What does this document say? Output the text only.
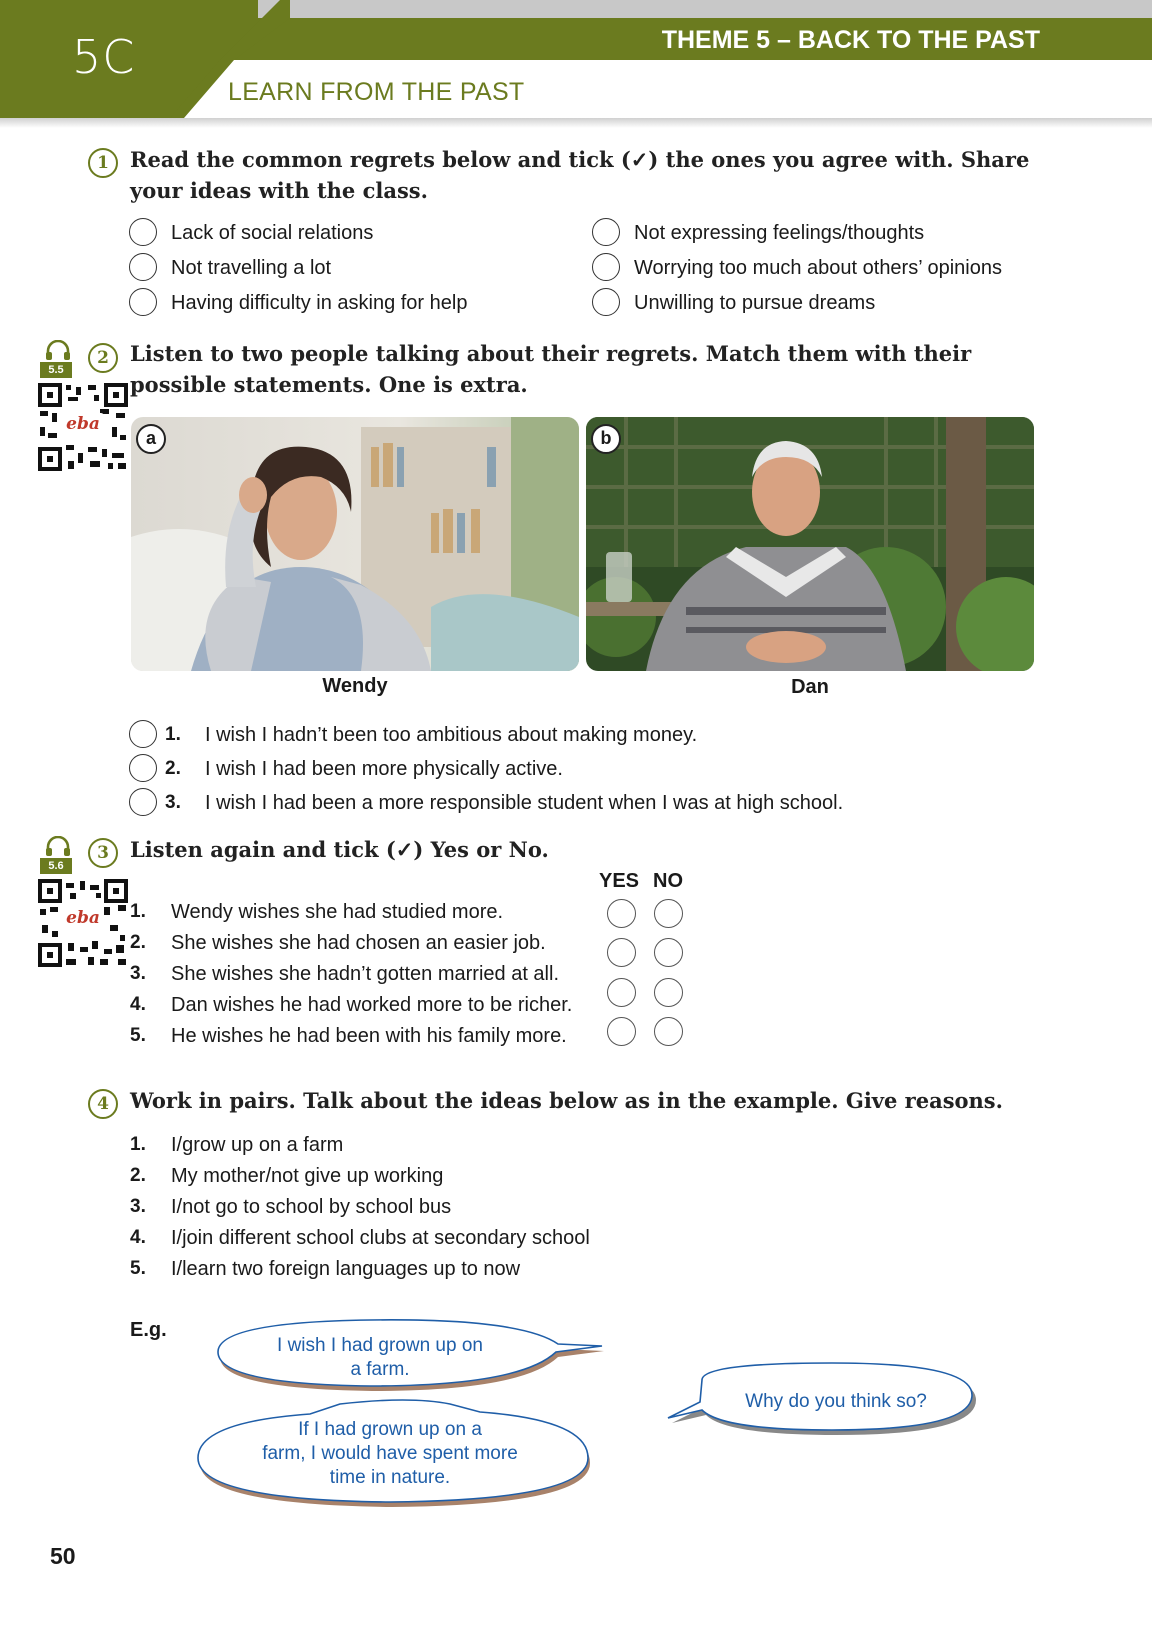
5C	THEME 5 – BACK TO THE PAST
LEARN FROM THE PAST
1	Read the common regrets below and tick (✓) the ones you agree with. Share your ideas with the class.
Lack of social relations
Not travelling a lot
Having difficulty in asking for help
Not expressing feelings/thoughts
Worrying too much about others’ opinions
Unwilling to pursue dreams
5.5
eba
2	Listen to two people talking about their regrets. Match them with their possible statements. One is extra.
a	b
Wendy	Dan
1. I wish I hadn’t been too ambitious about making money.
2. I wish I had been more physically active.
3. I wish I had been a more responsible student when I was at high school.
5.6
eba
3	Listen again and tick (✓) Yes or No.
YES NO
1. Wendy wishes she had studied more.
2. She wishes she had chosen an easier job.
3. She wishes she hadn’t gotten married at all.
4. Dan wishes he had worked more to be richer.
5. He wishes he had been with his family more.
4	Work in pairs. Talk about the ideas below as in the example. Give reasons.
1. I/grow up on a farm
2. My mother/not give up working
3. I/not go to school by school bus
4. I/join different school clubs at secondary school
5. I/learn two foreign languages up to now
E.g.
I wish I had grown up on
a farm.
Why do you think so?
If I had grown up on a
farm, I would have spent more
time in nature.
50
